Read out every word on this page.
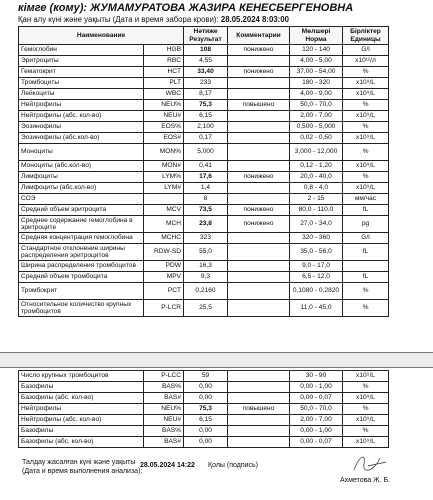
кімге (кому): ЖУМАМУРАТОВА ЖАЗИРА КЕНЕСБЕРГЕНОВНА
Қан алу күні және уақыты (Дата и время забора крови): 28.05.2024 8:03:00
Наименование		Нәтиже Результат	Комментарии	Мөлшері Норма	Бірліктер Единицы
Гемоглобин	HGB	108	понижено	120 - 140	G/l
Эритроциты	RBC	4,55		4,00 - 5,00	x10¹²/л
Гематокрит	HCT	33,40	понижено	37,00 - 54,00	%
Тромбоциты	PLT	233		180 - 320	x10⁹/L
Лейкоциты	WBC	8,17		4,00 - 9,00	x10⁹/L
Нейтрофилы	NEU%	75,3	повышено	50,0 - 70,0	%
Нейтрофилы (абс. кол-во)	NEU#	6,15		2,00 - 7,00	x10⁹/L
Эозинофилы	EOS%	2,100		0,500 - 5,000	%
Эозинофилы (абс.кол-во)	EOS#	0,17		0,02 - 0,50	x10⁹/L
Моноциты	MON%	5,000		3,000 - 12,000	%
Моноциты (абс.кол-во)	MON#	0,41		0,12 - 1,20	x10⁹/L
Лимфоциты	LYM%	17,6	понижено	20,0 - 40,0	%
Лимфоциты (абс.кол-во)	LYM#	1,4		0,8 - 4,0	x10⁹/L
СОЭ		8		2 - 15	мм/час
Средний объем эритроцита	MCV	73,5	понижено	80,0 - 110,0	fL
Среднее содержание гемоглобина в эритроците	MCH	23,8	понижено	27,0 - 34,0	pg
Средняя концентрация гемоглобина	MCHC	323		320 - 360	G/l
Стандартное отклонение ширины распределения эритроцитов	RDW-SD	55,0		35,0 - 56,0	fL
Ширина распределения тромбоцитов	PDW	16,3		9,0 - 17,0	
Средний объем тромбоцита	MPV	9,3		6,5 - 12,0	fL
Тромбокрит	PCT	0,2160		0,1080 - 0,2820	%
Относительное количество крупных тромбоцитов	P-LCR	25,5		11,0 - 45,0	%
Число крупных тромбоцитов	P-LCC	59		30 - 90	x10⁹/L
Базофилы	BAS%	0,00		0,00 - 1,00	%
Базофилы (абс. кол-во)	BAS#	0,00		0,00 - 0,07	x10⁹/L
Нейтрофилы	NEU%	75,3	повышено	50,0 - 70,0	%
Нейтрофилы (абс. кол-во)	NEU#	6,15		2,00 - 7,00	x10⁹/L
Базофилы	BAS%	0,00		0,00 - 1,00	%
Базофилы (абс. кол-во)	BAS#	0,00		0,00 - 0,07	x10⁹/L
Талдау жасалған күні және уақыты
(Дата и время выполнения анализа):
28.05.2024 14:22 Қолы (подпись)
Ахметова Ж. Б.
